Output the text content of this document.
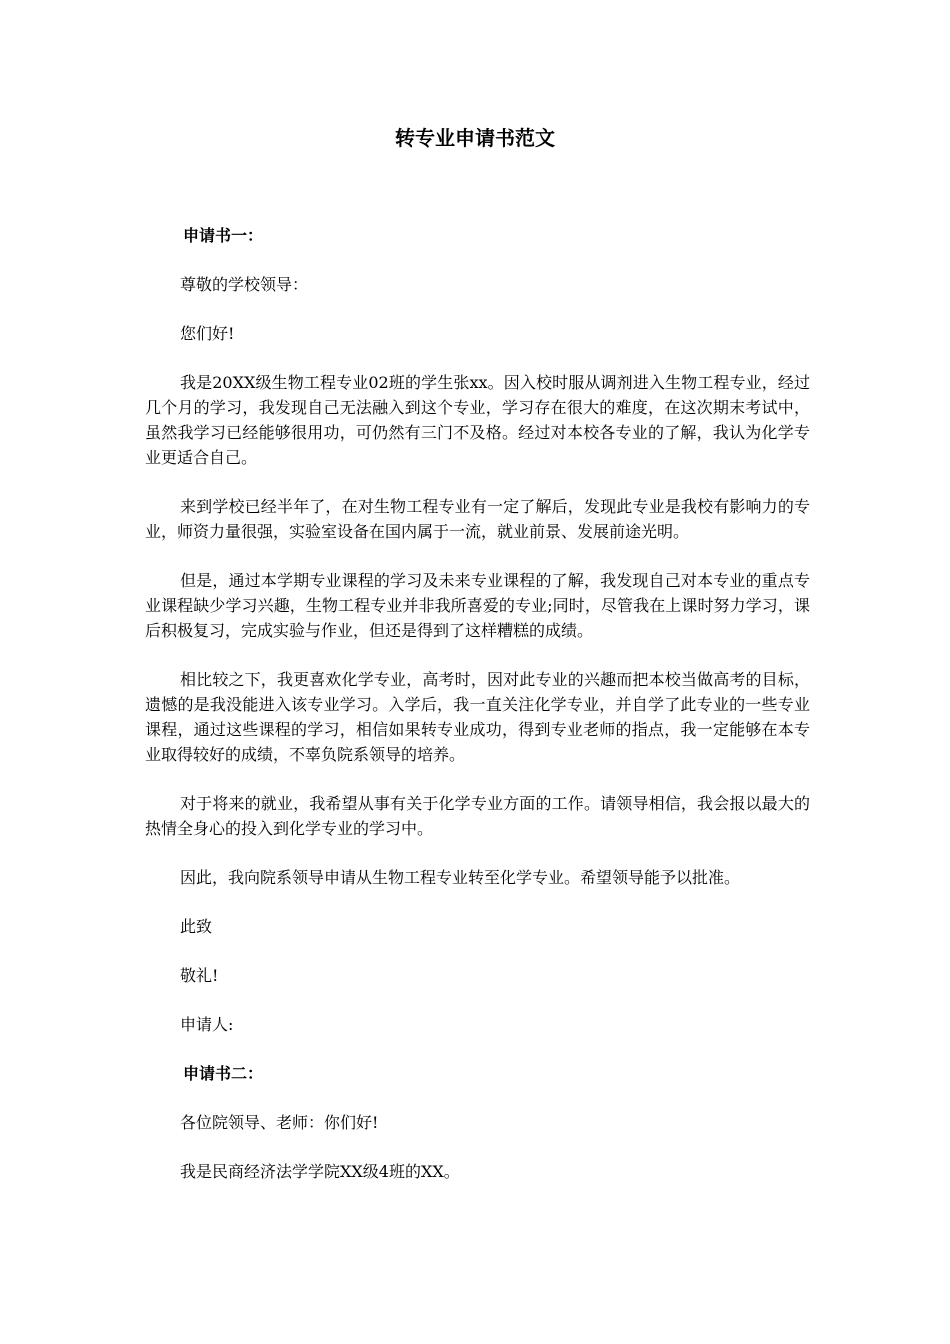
转专业申请书范文

申请书一：

尊敬的学校领导：

您们好!

我是20XX级生物工程专业02班的学生张xx。因入校时服从调剂进入生物工程专业，经过几个月的学习，我发现自己无法融入到这个专业，学习存在很大的难度，在这次期末考试中，虽然我学习已经能够很用功，可仍然有三门不及格。经过对本校各专业的了解，我认为化学专业更适合自己。

来到学校已经半年了，在对生物工程专业有一定了解后，发现此专业是我校有影响力的专业，师资力量很强，实验室设备在国内属于一流，就业前景、发展前途光明。

但是，通过本学期专业课程的学习及未来专业课程的了解，我发现自己对本专业的重点专业课程缺少学习兴趣，生物工程专业并非我所喜爱的专业;同时，尽管我在上课时努力学习，课后积极复习，完成实验与作业，但还是得到了这样糟糕的成绩。

相比较之下，我更喜欢化学专业，高考时，因对此专业的兴趣而把本校当做高考的目标，遗憾的是我没能进入该专业学习。入学后，我一直关注化学专业，并自学了此专业的一些专业课程，通过这些课程的学习，相信如果转专业成功，得到专业老师的指点，我一定能够在本专业取得较好的成绩，不辜负院系领导的培养。

对于将来的就业，我希望从事有关于化学专业方面的工作。请领导相信，我会报以最大的热情全身心的投入到化学专业的学习中。

因此，我向院系领导申请从生物工程专业转至化学专业。希望领导能予以批准。

此致

敬礼!

申请人:

申请书二：

各位院领导、老师：你们好!

我是民商经济法学学院XX级4班的XX。
